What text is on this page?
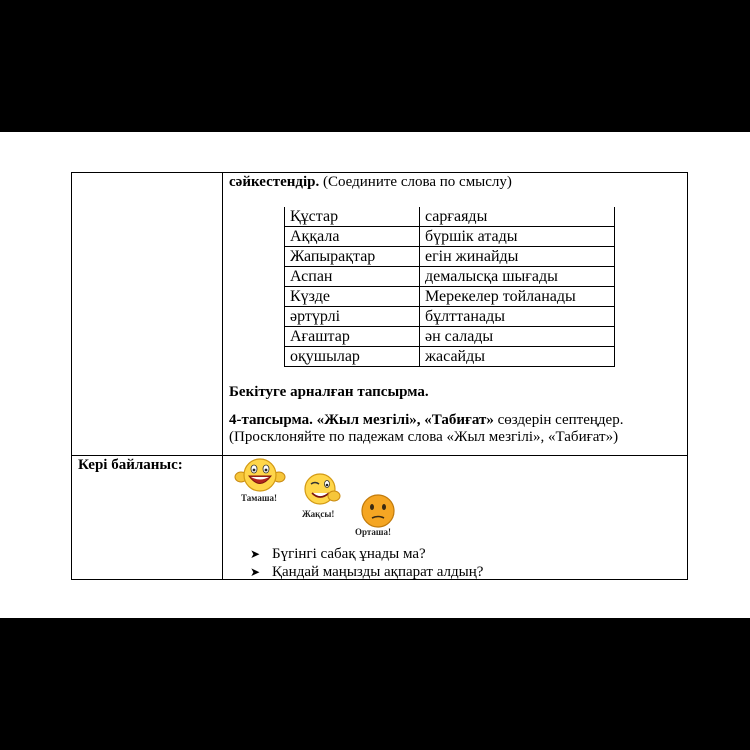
сәйкестендір. (Соедините слова по смыслу)
Құстар	сарғаяды
Аққала	бүршік атады
Жапырақтар	егін жинайды
Аспан	демалысқа шығады
Күзде	Мерекелер тойланады
әртүрлі	бұлттанады
Ағаштар	ән салады
оқушылар	жасайды
Бекітуге арналған тапсырма.
4-тапсырма. «Жыл мезгілі», «Табиғат» сөздерін септеңдер.
(Просклоняйте по падежам слова «Жыл мезгілі», «Табиғат»)
Кері байланыс:
Тамаша!
Жақсы!
Орташа!
➤ Бүгінгі сабақ ұнады ма?
➤ Қандай маңызды ақпарат алдың?
